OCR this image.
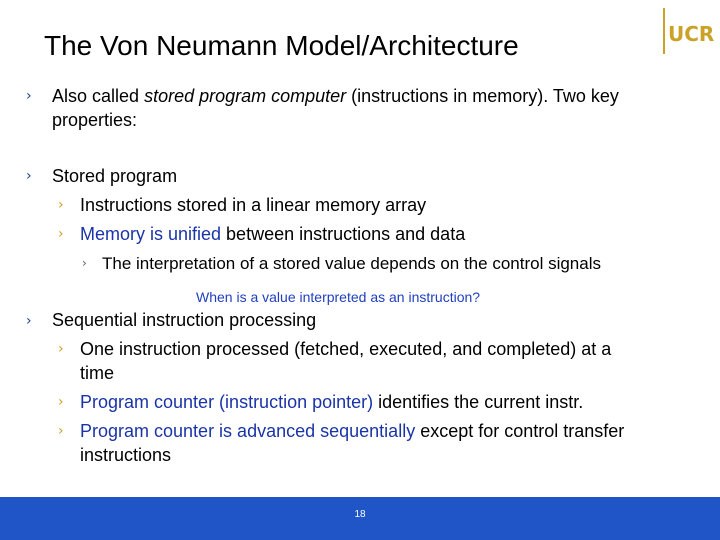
The Von Neumann Model/Architecture	UCR
› Also called stored program computer (instructions in memory). Two key
properties:
› Stored program
› Instructions stored in a linear memory array
› Memory is unified between instructions and data
› The interpretation of a stored value depends on the control signals
When is a value interpreted as an instruction?
› Sequential instruction processing
› One instruction processed (fetched, executed, and completed) at a
time
› Program counter (instruction pointer) identifies the current instr.
› Program counter is advanced sequentially except for control transfer
instructions
18
